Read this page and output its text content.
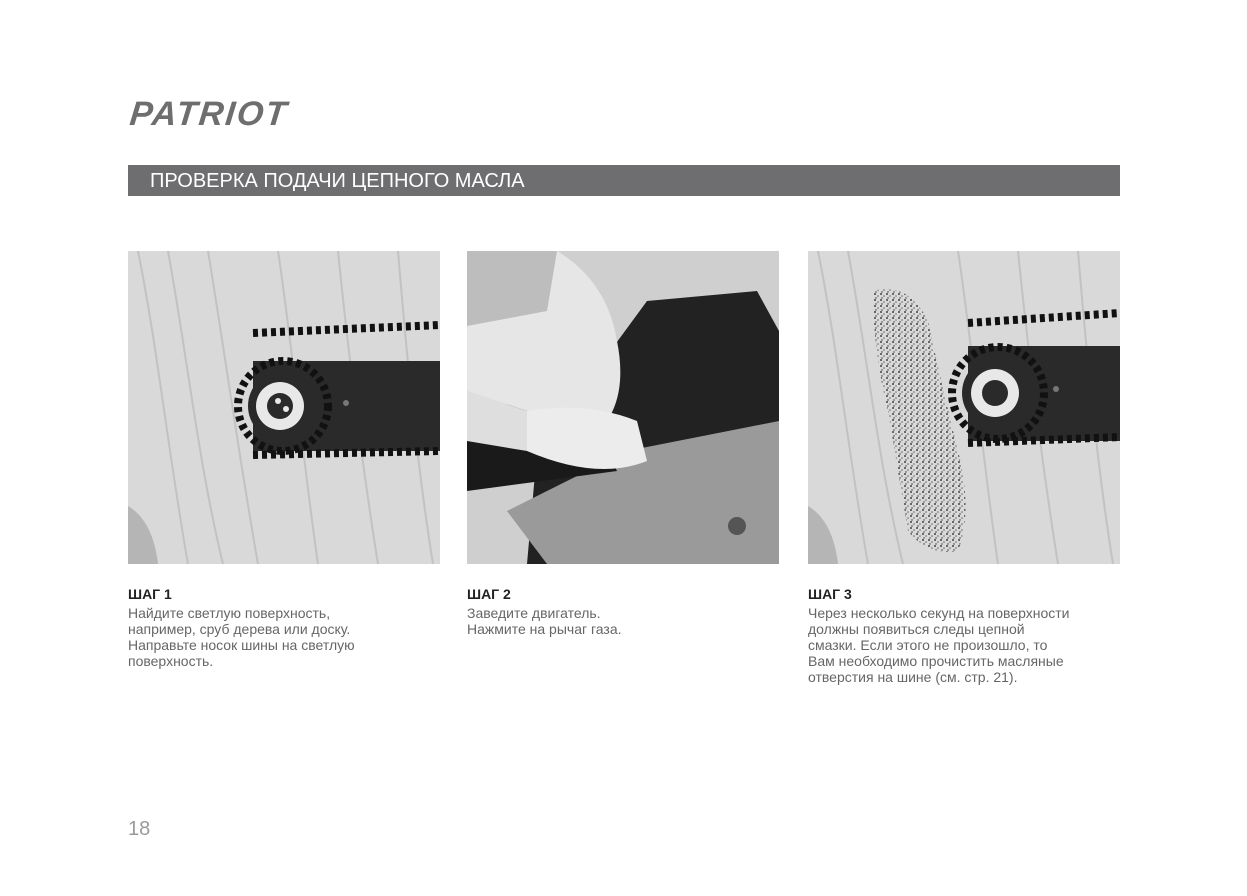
PATRIOT
ПРОВЕРКА ПОДАЧИ ЦЕПНОГО МАСЛА
ШАГ 1

Найдите светлую поверхность,
например, сруб дерева или доску.
Направьте носок шины на светлую
поверхность.

ШАГ 2

Заведите двигатель.
Нажмите на рычаг газа.

ШАГ 3

Через несколько секунд на поверхности
должны появиться следы цепной
смазки. Если этого не произошло, то
Вам необходимо прочистить масляные
отверстия на шине (см. стр. 21).

18
